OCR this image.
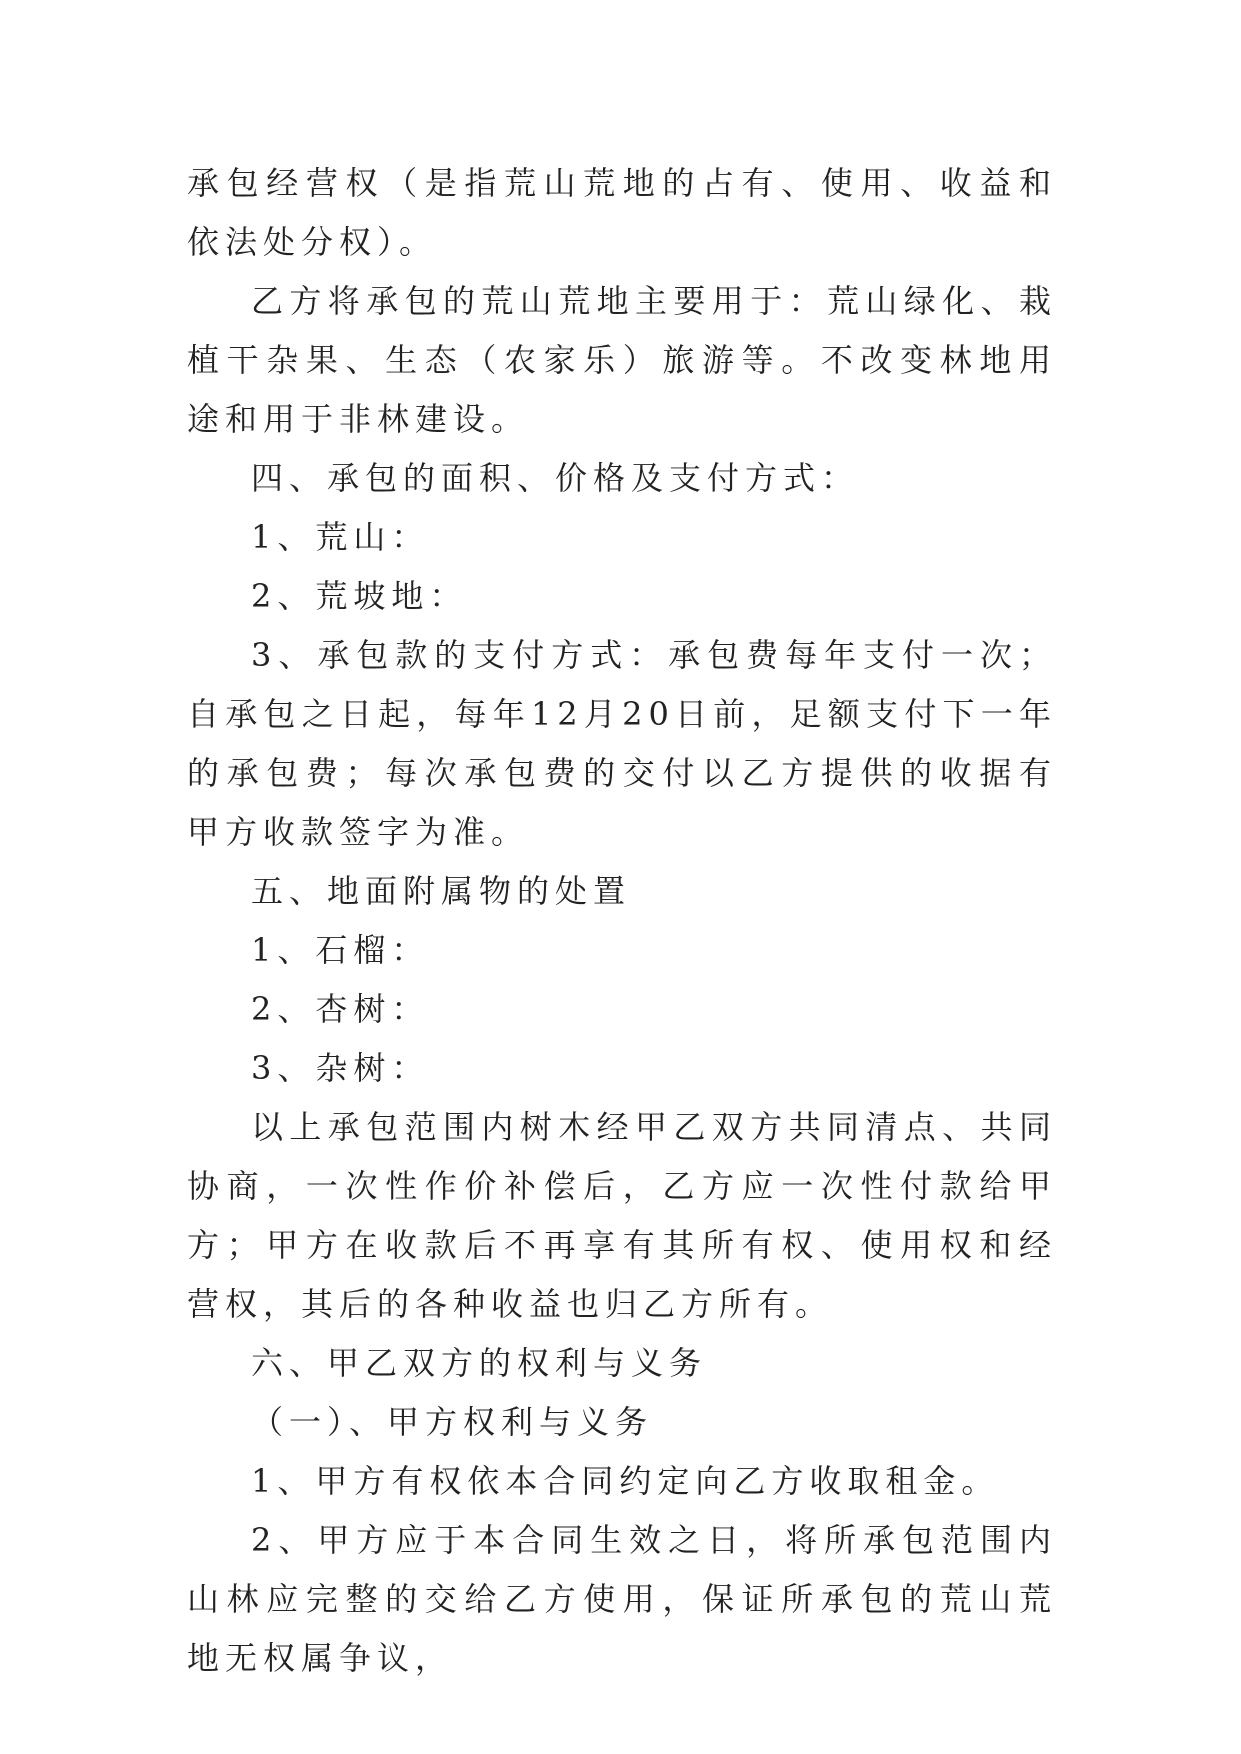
承包经营权（是指荒山荒地的占有、使用、收益和依法处分权）。

乙方将承包的荒山荒地主要用于：荒山绿化、栽植干杂果、生态（农家乐）旅游等。不改变林地用途和用于非林建设。

四、承包的面积、价格及支付方式：

1、荒山：

2、荒坡地：

3、承包款的支付方式：承包费每年支付一次；自承包之日起，每年12月20日前，足额支付下一年的承包费；每次承包费的交付以乙方提供的收据有甲方收款签字为准。

五、地面附属物的处置

1、石榴：

2、杏树：

3、杂树：

以上承包范围内树木经甲乙双方共同清点、共同协商，一次性作价补偿后，乙方应一次性付款给甲方；甲方在收款后不再享有其所有权、使用权和经营权，其后的各种收益也归乙方所有。

六、甲乙双方的权利与义务

（一）、甲方权利与义务

1、甲方有权依本合同约定向乙方收取租金。

2、甲方应于本合同生效之日，将所承包范围内山林应完整的交给乙方使用，保证所承包的荒山荒地无权属争议，
